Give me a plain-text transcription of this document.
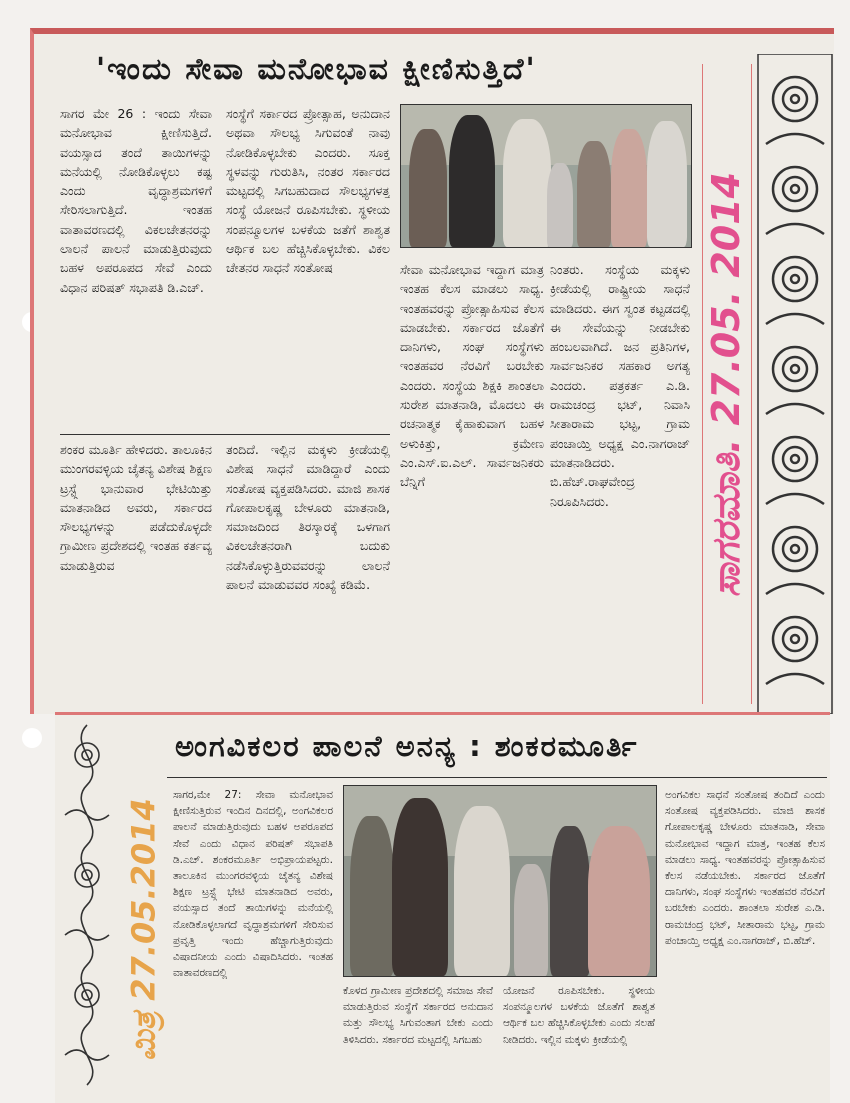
'ಇಂದು ಸೇವಾ ಮನೋಭಾವ ಕ್ಷೀಣಿಸುತ್ತಿದೆ'
ಸಾಗರ ಮೇ 26 : ಇಂದು ಸೇವಾ ಮನೋಭಾವ ಕ್ಷೀಣಿಸುತ್ತಿದೆ. ವಯಸ್ಸಾದ ತಂದೆ ತಾಯಿಗಳನ್ನು ಮನೆಯಲ್ಲಿ ನೋಡಿಕೊಳ್ಳಲು ಕಷ್ಟ ಎಂದು ವೃದ್ಧಾಶ್ರಮಗಳಿಗೆ ಸೇರಿಸಲಾಗುತ್ತಿದೆ. ಇಂತಹ ವಾತಾವರಣದಲ್ಲಿ ವಿಕಲಚೇತನರನ್ನು ಲಾಲನೆ ಪಾಲನೆ ಮಾಡುತ್ತಿರುವುದು ಬಹಳ ಅಪರೂಪದ ಸೇವೆ ಎಂದು ವಿಧಾನ ಪರಿಷತ್ ಸಭಾಪತಿ ಡಿ.ಎಚ್.
ಸಂಸ್ಥೆಗೆ ಸರ್ಕಾರದ ಪ್ರೋತ್ಸಾಹ, ಅನುದಾನ ಅಥವಾ ಸೌಲಭ್ಯ ಸಿಗುವಂತೆ ನಾವು ನೋಡಿಕೊಳ್ಳಬೇಕು ಎಂದರು. ಸೂಕ್ತ ಸ್ಥಳವನ್ನು ಗುರುತಿಸಿ, ನಂತರ ಸರ್ಕಾರದ ಮಟ್ಟದಲ್ಲಿ ಸಿಗಬಹುದಾದ ಸೌಲಭ್ಯಗಳತ್ತ ಸಂಸ್ಥೆ ಯೋಜನೆ ರೂಪಿಸಬೇಕು. ಸ್ಥಳೀಯ ಸಂಪನ್ಮೂಲಗಳ ಬಳಕೆಯ ಜತೆಗೆ ಶಾಶ್ವತ ಆರ್ಥಿಕ ಬಲ ಹೆಚ್ಚಿಸಿಕೊಳ್ಳಬೇಕು. ವಿಕಲ ಚೇತನರ ಸಾಧನೆ ಸಂತೋಷ	ಸೇವಾ ಮನೋಭಾವ ಇದ್ದಾಗ ಮಾತ್ರ ಇಂತಹ ಕೆಲಸ ಮಾಡಲು ಸಾಧ್ಯ. ಇಂತಹವರನ್ನು ಪ್ರೋತ್ಸಾಹಿಸುವ ಕೆಲಸ ಮಾಡಬೇಕು. ಸರ್ಕಾರದ ಜೊತೆಗೆ ದಾನಿಗಳು, ಸಂಘ ಸಂಸ್ಥೆಗಳು ಇಂತಹವರ ನೆರವಿಗೆ ಬರಬೇಕು ಎಂದರು. ಸಂಸ್ಥೆಯ ಶಿಕ್ಷಕಿ ಶಾಂತಲಾ ಸುರೇಶ ಮಾತನಾಡಿ, ಮೊದಲು ಈ ರಚನಾತ್ಮಕ ಕೈಹಾಕುವಾಗ ಬಹಳ ಅಳುಕಿತ್ತು, ಕ್ರಮೇಣ ಎಂ.ಎಸ್.ಐ.ಎಲ್. ಸಾರ್ವಜನಿಕರು ಬೆನ್ನಿಗೆ
ನಿಂತರು. ಸಂಸ್ಥೆಯ ಮಕ್ಕಳು ಕ್ರೀಡೆಯಲ್ಲಿ ರಾಷ್ಟ್ರೀಯ ಸಾಧನೆ ಮಾಡಿದರು. ಈಗ ಸ್ವಂತ ಕಟ್ಟಡದಲ್ಲಿ ಈ ಸೇವೆಯನ್ನು ನೀಡಬೇಕು ಹಂಬಲವಾಗಿದೆ. ಜನ ಪ್ರತಿನಿಗಳ, ಸಾರ್ವಜನಿಕರ ಸಹಕಾರ ಅಗತ್ಯ ಎಂದರು. ಪತ್ರಕರ್ತ ಎ.ಡಿ. ರಾಮಚಂದ್ರ ಭಟ್, ನಿವಾಸಿ ಸೀತಾರಾಮ ಭಟ್ಟ, ಗ್ರಾಮ ಪಂಚಾಯ್ತಿ ಅಧ್ಯಕ್ಷ ಎಂ.ನಾಗರಾಜ್ ಮಾತನಾಡಿದರು. ಬಿ.ಹೆಚ್.ರಾಘವೇಂದ್ರ ನಿರೂಪಿಸಿದರು.
ಶಂಕರ ಮೂರ್ತಿ ಹೇಳಿದರು. ತಾಲೂಕಿನ ಮುಂಗರವಳ್ಳಿಯ ಚೈತನ್ಯ ವಿಶೇಷ ಶಿಕ್ಷಣ ಟ್ರಸ್ಟ್ಗೆ ಭಾನುವಾರ ಭೇಟಿಯಿತ್ತು ಮಾತನಾಡಿದ ಅವರು, ಸರ್ಕಾರದ ಸೌಲಭ್ಯಗಳನ್ನು ಪಡೆದುಕೊಳ್ಳದೇ ಗ್ರಾಮೀಣ ಪ್ರದೇಶದಲ್ಲಿ ಇಂತಹ ಕರ್ತವ್ಯ ಮಾಡುತ್ತಿರುವ
ತಂದಿದೆ. ಇಲ್ಲಿನ ಮಕ್ಕಳು ಕ್ರೀಡೆಯಲ್ಲಿ ವಿಶೇಷ ಸಾಧನೆ ಮಾಡಿದ್ದಾರೆ ಎಂದು ಸಂತೋಷ ವ್ಯಕ್ತಪಡಿಸಿದರು. ಮಾಜಿ ಶಾಸಕ ಗೋಪಾಲಕೃಷ್ಣ ಬೇಳೂರು ಮಾತನಾಡಿ, ಸಮಾಜದಿಂದ ತಿರಸ್ಕಾರಕ್ಕೆ ಒಳಗಾಗ ವಿಕಲಚೇತನರಾಗಿ ಬದುಕು ನಡೆಸಿಕೊಳ್ಳುತ್ತಿರುವವರನ್ನು ಲಾಲನೆ ಪಾಲನೆ ಮಾಡುವವರ ಸಂಖ್ಯೆ ಕಡಿಮೆ.	ಸಾಗರಮಾತಿ. 27.05. 2014
ಮಿತ್ರ 27.05.2014
ಅಂಗವಿಕಲರ ಪಾಲನೆ ಅನನ್ಯ : ಶಂಕರಮೂರ್ತಿ
ಸಾಗರ,ಮೇ 27: ಸೇವಾ ಮನೋಭಾವ ಕ್ಷೀಣಿಸುತ್ತಿರುವ ಇಂದಿನ ದಿನದಲ್ಲಿ, ಅಂಗವಿಕಲರ ಪಾಲನೆ ಮಾಡುತ್ತಿರುವುದು ಬಹಳ ಅಪರೂಪದ ಸೇವೆ ಎಂದು ವಿಧಾನ ಪರಿಷತ್ ಸಭಾಪತಿ ಡಿ.ಎಚ್. ಶಂಕರಮೂರ್ತಿ ಅಭಿಪ್ರಾಯಪಟ್ಟರು. ತಾಲೂಕಿನ ಮುಂಗರವಳ್ಳಿಯ ಚೈತನ್ಯ ವಿಶೇಷ ಶಿಕ್ಷಣ ಟ್ರಸ್ಟ್ಗೆ ಭೇಟಿ ಮಾತನಾಡಿದ ಅವರು, ವಯಸ್ಸಾದ ತಂದೆ ತಾಯಿಗಳನ್ನು ಮನೆಯಲ್ಲಿ ನೋಡಿಕೊಳ್ಳಲಾಗದೆ ವೃದ್ಧಾಶ್ರಮಗಳಿಗೆ ಸೇರಿಸುವ ಪ್ರವೃತ್ತಿ ಇಂದು ಹೆಚ್ಚಾಗುತ್ತಿರುವುದು ವಿಷಾದನೀಯ ಎಂದು ವಿಷಾದಿಸಿದರು. ಇಂತಹ ವಾತಾವರಣದಲ್ಲಿ
ಕೊಳದ ಗ್ರಾಮೀಣ ಪ್ರದೇಶದಲ್ಲಿ ಸಮಾಜ ಸೇವೆ ಮಾಡುತ್ತಿರುವ ಸಂಸ್ಥೆಗೆ ಸರ್ಕಾರದ ಅನುದಾನ ಮತ್ತು ಸೌಲಭ್ಯ ಸಿಗುವಂತಾಗ ಬೇಕು ಎಂದು ತಿಳಿಸಿದರು. ಸರ್ಕಾರದ ಮಟ್ಟದಲ್ಲಿ ಸಿಗಬಹು
ಯೋಜನೆ ರೂಪಿಸಬೇಕು. ಸ್ಥಳೀಯ ಸಂಪನ್ಮೂಲಗಳ ಬಳಕೆಯ ಜೊತೆಗೆ ಶಾಶ್ವತ ಆರ್ಥಿಕ ಬಲ ಹೆಚ್ಚಿಸಿಕೊಳ್ಳಬೇಕು ಎಂದು ಸಲಹೆ ನೀಡಿದರು. ಇಲ್ಲಿನ ಮಕ್ಕಳು ಕ್ರೀಡೆಯಲ್ಲಿ
ಅಂಗವಿಕಲ ಸಾಧನೆ ಸಂತೋಷ ತಂದಿದೆ ಎಂದು ಸಂತೋಷ ವ್ಯಕ್ತಪಡಿಸಿದರು. ಮಾಜಿ ಶಾಸಕ ಗೋಪಾಲಕೃಷ್ಣ ಬೇಳೂರು ಮಾತನಾಡಿ, ಸೇವಾ ಮನೋಭಾವ ಇದ್ದಾಗ ಮಾತ್ರ, ಇಂತಹ ಕೆಲಸ ಮಾಡಲು ಸಾಧ್ಯ. ಇಂತಹವರನ್ನು ಪ್ರೋತ್ಸಾಹಿಸುವ ಕೆಲಸ ನಡೆಯಬೇಕು. ಸರ್ಕಾರದ ಜೊತೆಗೆ ದಾನಿಗಳು, ಸಂಘ ಸಂಸ್ಥೆಗಳು ಇಂತಹವರ ನೆರವಿಗೆ ಬರಬೇಕು ಎಂದರು. ಶಾಂತಲಾ ಸುರೇಶ ಎ.ಡಿ. ರಾಮಚಂದ್ರ ಭಟ್, ಸೀತಾರಾಮ ಭಟ್ಟ, ಗ್ರಾಮ ಪಂಚಾಯ್ತಿ ಅಧ್ಯಕ್ಷ ಎಂ.ನಾಗರಾಜ್, ಬಿ.ಹೆಚ್.
